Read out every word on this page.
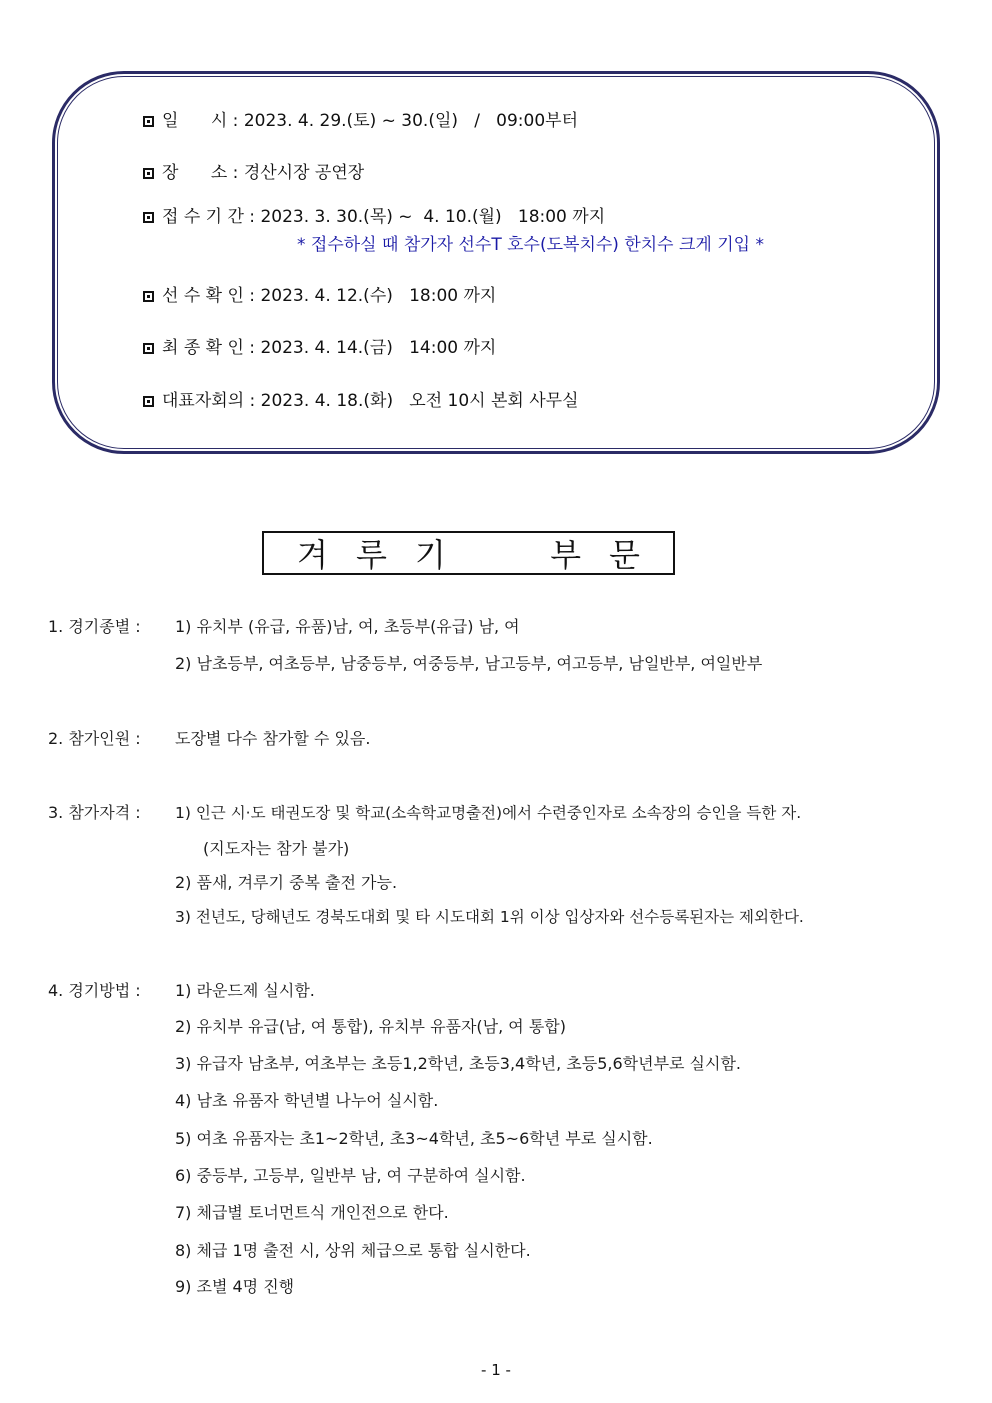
일      시 : 2023. 4. 29.(토) ~ 30.(일)   /   09:00부터
장      소 : 경산시장 공연장
접 수 기 간 : 2023. 3. 30.(목) ~  4. 10.(월)   18:00 까지
* 접수하실 때 참가자 선수T 호수(도복치수) 한치수 크게 기입 *
선 수 확 인 : 2023. 4. 12.(수)   18:00 까지
최 종 확 인 : 2023. 4. 14.(금)   14:00 까지
대표자회의 : 2023. 4. 18.(화)   오전 10시 본회 사무실
겨루기  부문
1. 경기종별 : 1) 유치부 (유급, 유품)남, 여, 초등부(유급) 남, 여
2) 남초등부, 여초등부, 남중등부, 여중등부, 남고등부, 여고등부, 남일반부, 여일반부
2. 참가인원 : 도장별 다수 참가할 수 있음.
3. 참가자격 : 1) 인근 시·도 태권도장 및 학교(소속학교명출전)에서 수련중인자로 소속장의 승인을 득한 자.
(지도자는 참가 불가)
2) 품새, 겨루기 중복 출전 가능.
3) 전년도, 당해년도 경북도대회 및 타 시도대회 1위 이상 입상자와 선수등록된자는 제외한다.
4. 경기방법 : 1) 라운드제 실시함.
2) 유치부 유급(남, 여 통합), 유치부 유품자(남, 여 통합)
3) 유급자 남초부, 여초부는 초등1,2학년, 초등3,4학년, 초등5,6학년부로 실시함.
4) 남초 유품자 학년별 나누어 실시함.
5) 여초 유품자는 초1~2학년, 초3~4학년, 초5~6학년 부로 실시함.
6) 중등부, 고등부, 일반부 남, 여 구분하여 실시함.
7) 체급별 토너먼트식 개인전으로 한다.
8) 체급 1명 출전 시, 상위 체급으로 통합 실시한다.
9) 조별 4명 진행
- 1 -
